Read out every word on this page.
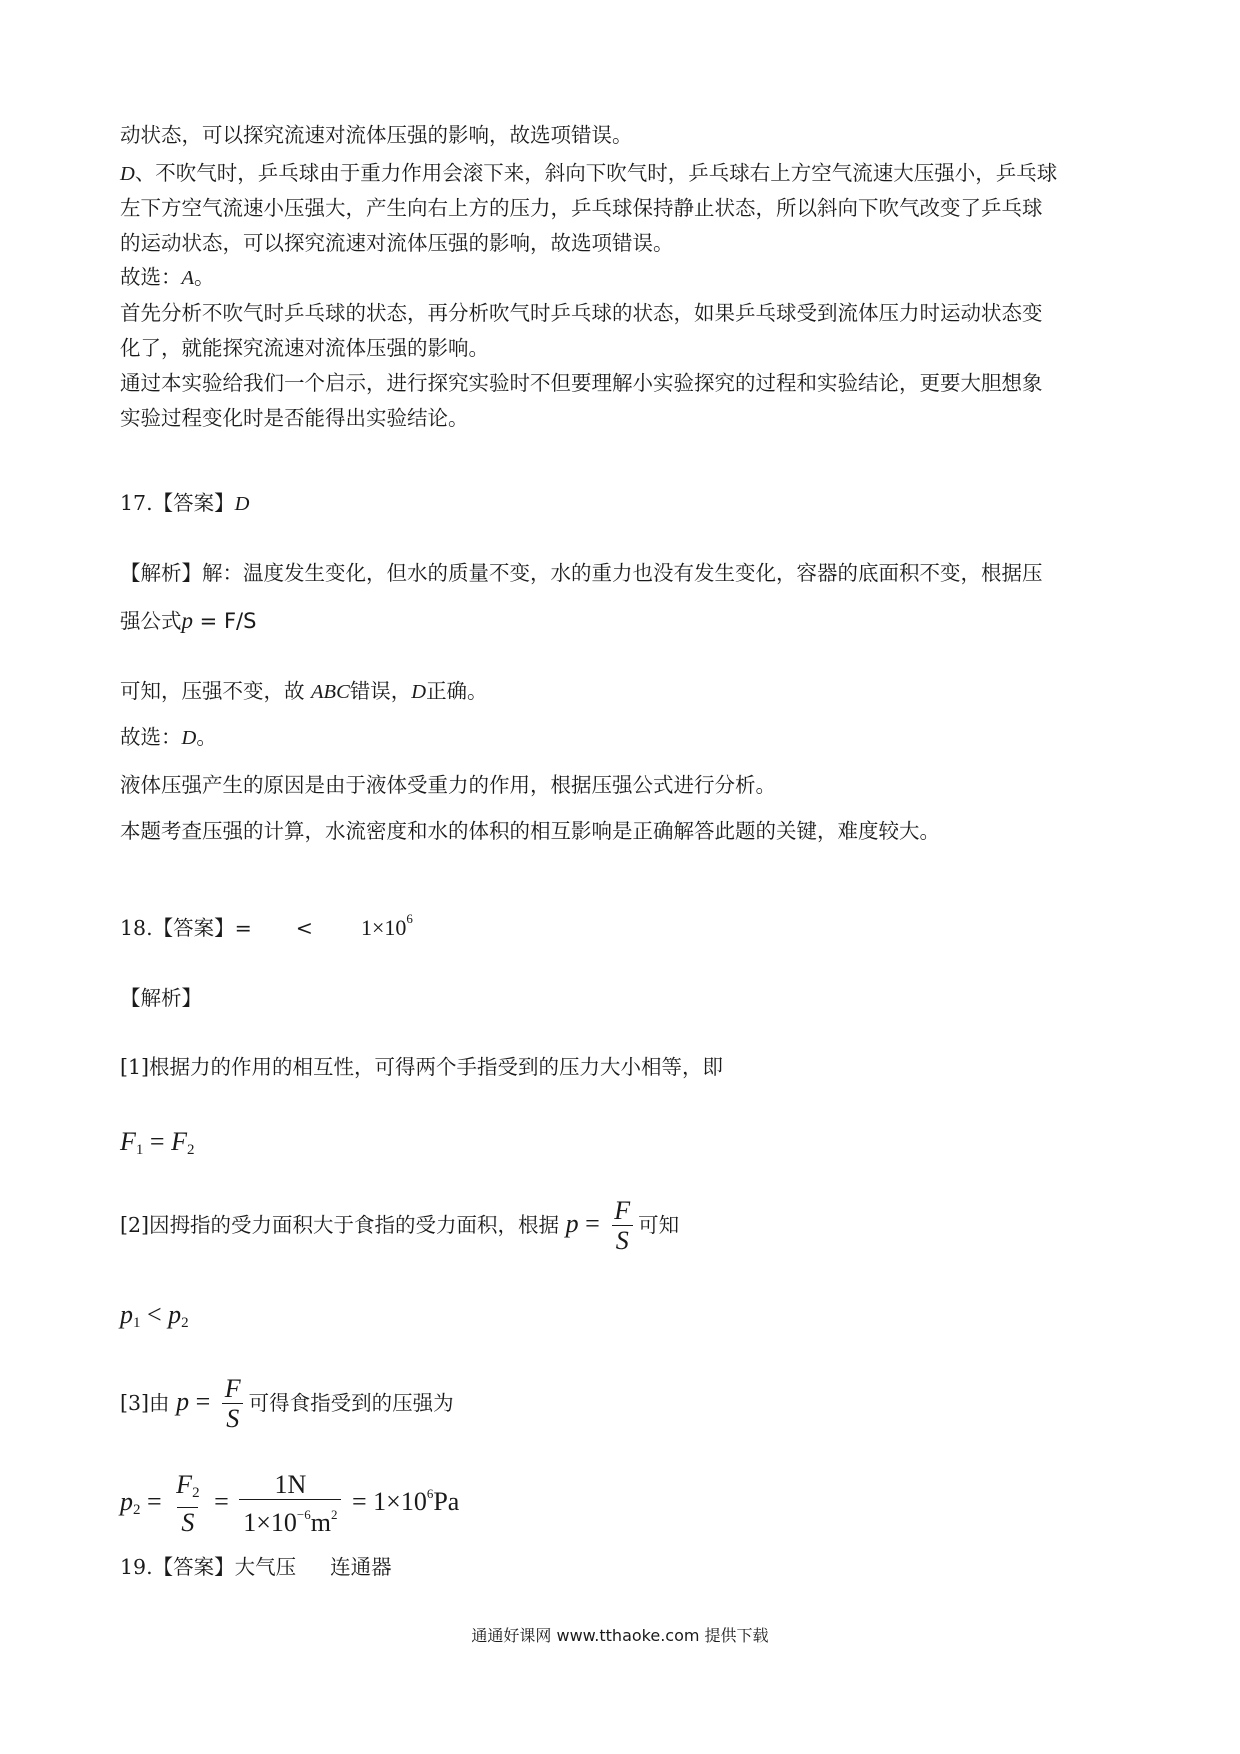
动状态，可以探究流速对流体压强的影响，故选项错误。
D、不吹气时，乒乓球由于重力作用会滚下来，斜向下吹气时，乒乓球右上方空气流速大压强小，乒乓球
左下方空气流速小压强大，产生向右上方的压力，乒乓球保持静止状态，所以斜向下吹气改变了乒乓球
的运动状态，可以探究流速对流体压强的影响，故选项错误。
故选：A。
首先分析不吹气时乒乓球的状态，再分析吹气时乒乓球的状态，如果乒乓球受到流体压力时运动状态变
化了，就能探究流速对流体压强的影响。
通过本实验给我们一个启示，进行探究实验时不但要理解小实验探究的过程和实验结论，更要大胆想象
实验过程变化时是否能得出实验结论。
17.【答案】D
【解析】解：温度发生变化，但水的质量不变，水的重力也没有发生变化，容器的底面积不变，根据压
强公式p = F/S
可知，压强不变，故 ABC错误，D正确。
故选：D。
液体压强产生的原因是由于液体受重力的作用，根据压强公式进行分析。
本题考查压强的计算，水流密度和水的体积的相互影响是正确解答此题的关键，难度较大。
18.【答案】= < $1\times 10^6$
【解析】
[1]根据力的作用的相互性，可得两个手指受到的压力大小相等，即
$F_1 = F_2$
[2]因拇指的受力面积大于食指的受力面积，根据 $p = \frac{F}{S}$ 可知
$p_1 < p_2$
[3]由 $p = \frac{F}{S}$ 可得食指受到的压强为
$p_2 = \frac{F_2}{S} = \frac{1N}{1\times 10^{-6}m^2} = 1\times 10^6Pa$
19.【答案】大气压 连通器
通通好课网 www.tthaoke.com 提供下载
